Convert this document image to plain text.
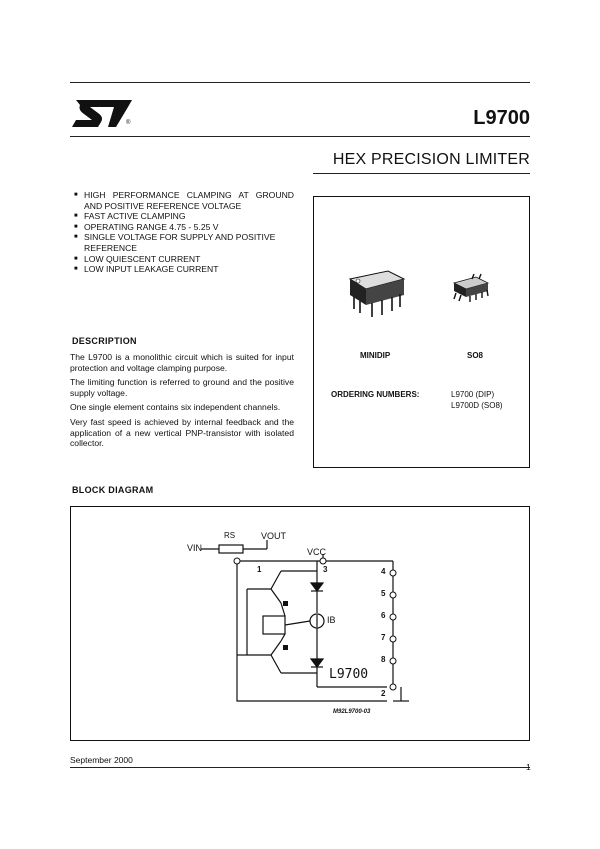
®	L9700
HEX PRECISION LIMITER
■ HIGH PERFORMANCE CLAMPING AT GROUND AND POSITIVE REFERENCE VOLTAGE
■ FAST ACTIVE CLAMPING
■ OPERATING RANGE 4.75 - 5.25 V
■ SINGLE VOLTAGE FOR SUPPLY AND POSITIVE REFERENCE
■ LOW QUIESCENT CURRENT
■ LOW INPUT LEAKAGE CURRENT
DESCRIPTION

The L9700 is a monolithic circuit which is suited for input protection and voltage clamping purpose.

The limiting function is referred to ground and the positive supply voltage.

One single element contains six independent channels.

Very fast speed is achieved by internal feedback and the application of a new vertical PNP-transistor with isolated collector.

MINIDIP	SO8
ORDERING NUMBERS:	L9700 (DIP)
L9700D (SO8)
BLOCK DIAGRAM
VIN
RS	VOUT
VCC
IB
L9700
1
2
3	4
5
6
7
8
M92L9700-03
September 2000
1
